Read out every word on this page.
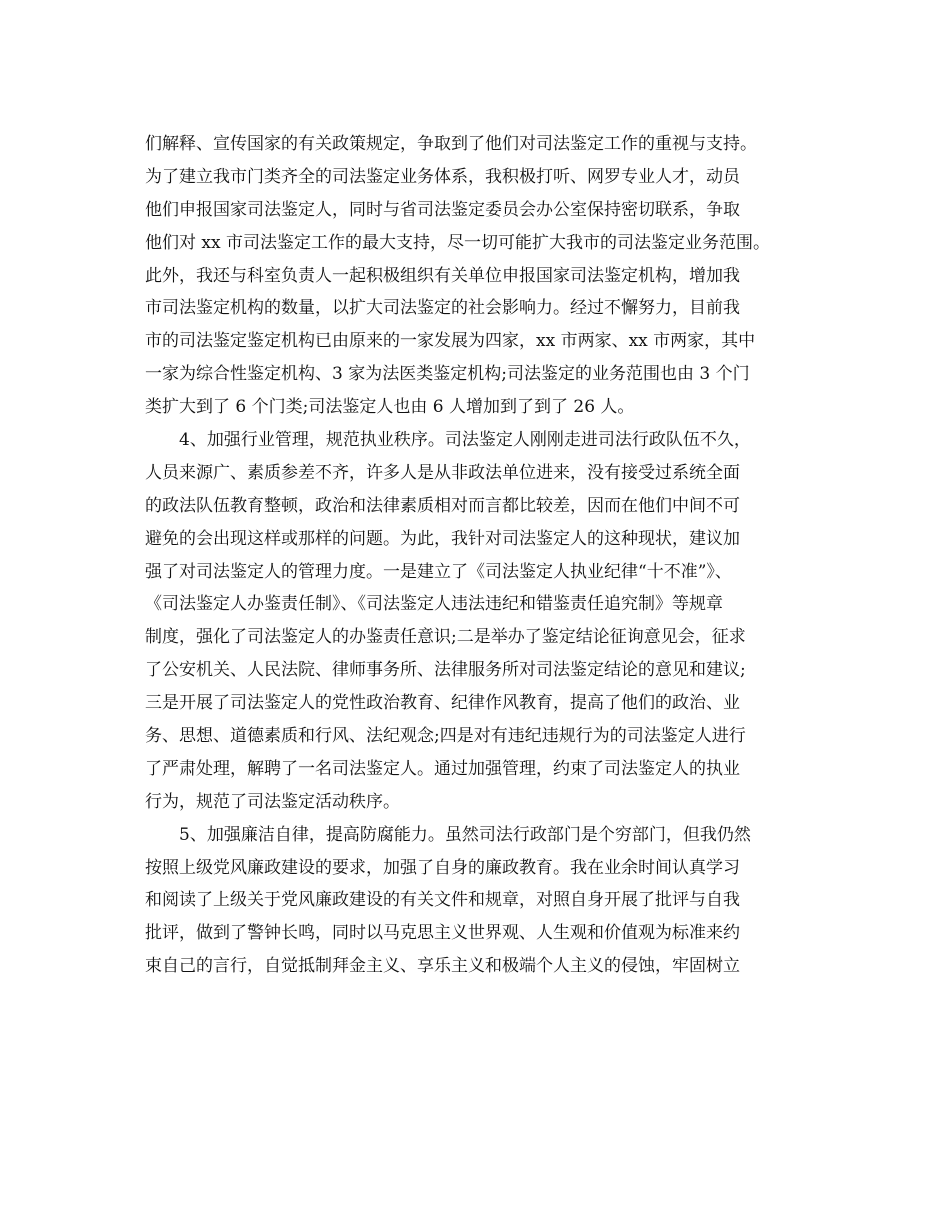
们解释、宣传国家的有关政策规定，争取到了他们对司法鉴定工作的重视与支持。
为了建立我市门类齐全的司法鉴定业务体系，我积极打听、网罗专业人才，动员
他们申报国家司法鉴定人，同时与省司法鉴定委员会办公室保持密切联系，争取
他们对 xx 市司法鉴定工作的最大支持，尽一切可能扩大我市的司法鉴定业务范围。
此外，我还与科室负责人一起积极组织有关单位申报国家司法鉴定机构，增加我
市司法鉴定机构的数量，以扩大司法鉴定的社会影响力。经过不懈努力，目前我
市的司法鉴定鉴定机构已由原来的一家发展为四家，xx 市两家、xx 市两家，其中
一家为综合性鉴定机构、3 家为法医类鉴定机构;司法鉴定的业务范围也由 3 个门
类扩大到了 6 个门类;司法鉴定人也由 6 人增加到了到了 26 人。
　　4、加强行业管理，规范执业秩序。司法鉴定人刚刚走进司法行政队伍不久，
人员来源广、素质参差不齐，许多人是从非政法单位进来，没有接受过系统全面
的政法队伍教育整顿，政治和法律素质相对而言都比较差，因而在他们中间不可
避免的会出现这样或那样的问题。为此，我针对司法鉴定人的这种现状，建议加
强了对司法鉴定人的管理力度。一是建立了《司法鉴定人执业纪律“十不准”》、
《司法鉴定人办鉴责任制》、《司法鉴定人违法违纪和错鉴责任追究制》等规章
制度，强化了司法鉴定人的办鉴责任意识;二是举办了鉴定结论征询意见会，征求
了公安机关、人民法院、律师事务所、法律服务所对司法鉴定结论的意见和建议;
三是开展了司法鉴定人的党性政治教育、纪律作风教育，提高了他们的政治、业
务、思想、道德素质和行风、法纪观念;四是对有违纪违规行为的司法鉴定人进行
了严肃处理，解聘了一名司法鉴定人。通过加强管理，约束了司法鉴定人的执业
行为，规范了司法鉴定活动秩序。
　　5、加强廉洁自律，提高防腐能力。虽然司法行政部门是个穷部门，但我仍然
按照上级党风廉政建设的要求，加强了自身的廉政教育。我在业余时间认真学习
和阅读了上级关于党风廉政建设的有关文件和规章，对照自身开展了批评与自我
批评，做到了警钟长鸣，同时以马克思主义世界观、人生观和价值观为标准来约
束自己的言行，自觉抵制拜金主义、享乐主义和极端个人主义的侵蚀，牢固树立
